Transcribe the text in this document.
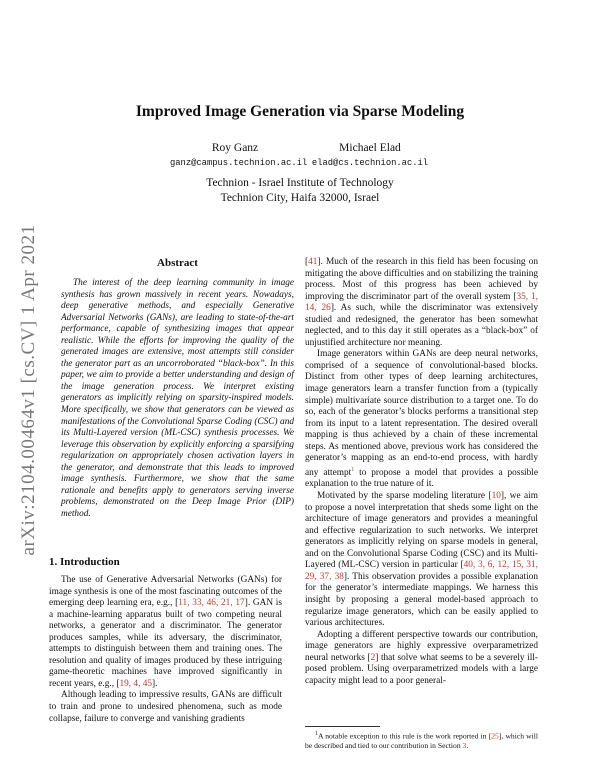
arXiv:2104.00464v1 [cs.CV] 1 Apr 2021
Improved Image Generation via Sparse Modeling
Roy Ganz
ganz@campus.technion.ac.il
Michael Elad
elad@cs.technion.ac.il
Technion - Israel Institute of Technology
Technion City, Haifa 32000, Israel
Abstract

The interest of the deep learning community in image synthesis has grown massively in recent years. Nowadays, deep generative methods, and especially Generative Adversarial Networks (GANs), are leading to state-of-the-art performance, capable of synthesizing images that appear realistic. While the efforts for improving the quality of the generated images are extensive, most attempts still consider the generator part as an uncorroborated “black-box”. In this paper, we aim to provide a better understanding and design of the image generation process. We interpret existing generators as implicitly relying on sparsity-inspired models. More specifically, we show that generators can be viewed as manifestations of the Convolutional Sparse Coding (CSC) and its Multi-Layered version (ML-CSC) synthesis processes. We leverage this observation by explicitly enforcing a sparsifying regularization on appropriately chosen activation layers in the generator, and demonstrate that this leads to improved image synthesis. Furthermore, we show that the same rationale and benefits apply to generators serving inverse problems, demonstrated on the Deep Image Prior (DIP) method.

1. Introduction

The use of Generative Adversarial Networks (GANs) for image synthesis is one of the most fascinating outcomes of the emerging deep learning era, e.g., [11, 33, 46, 21, 17]. GAN is a machine-learning apparatus built of two competing neural networks, a generator and a discriminator. The generator produces samples, while its adversary, the discriminator, attempts to distinguish between them and training ones. The resolution and quality of images produced by these intriguing game-theoretic machines have improved significantly in recent years, e.g., [19, 4, 45].

Although leading to impressive results, GANs are difficult to train and prone to undesired phenomena, such as mode collapse, failure to converge and vanishing gradients

[41]. Much of the research in this field has been focusing on mitigating the above difficulties and on stabilizing the training process. Most of this progress has been achieved by improving the discriminator part of the overall system [35, 1, 14, 26]. As such, while the discriminator was extensively studied and redesigned, the generator has been somewhat neglected, and to this day it still operates as a “black-box” of unjustified architecture nor meaning.

Image generators within GANs are deep neural networks, comprised of a sequence of convolutional-based blocks. Distinct from other types of deep learning architectures, image generators learn a transfer function from a (typically simple) multivariate source distribution to a target one. To do so, each of the generator’s blocks performs a transitional step from its input to a latent representation. The desired overall mapping is thus achieved by a chain of these incremental steps. As mentioned above, previous work has considered the generator’s mapping as an end-to-end process, with hardly any attempt$^1$ to propose a model that provides a possible explanation to the true nature of it.

Motivated by the sparse modeling literature [10], we aim to propose a novel interpretation that sheds some light on the architecture of image generators and provides a meaningful and effective regularization to such networks. We interpret generators as implicitly relying on sparse models in general, and on the Convolutional Sparse Coding (CSC) and its Multi-Layered (ML-CSC) version in particular [40, 3, 6, 12, 15, 31, 29, 37, 38]. This observation provides a possible explanation for the generator’s intermediate mappings. We harness this insight by proposing a general model-based approach to regularize image generators, which can be easily applied to various architectures.

Adopting a different perspective towards our contribution, image generators are highly expressive overparametrized neural networks [2] that solve what seems to be a severely ill-posed problem. Using overparametrized models with a large capacity might lead to a poor general-

$^1$A notable exception to this rule is the work reported in [25], which will be described and tied to our contribution in Section 3.
